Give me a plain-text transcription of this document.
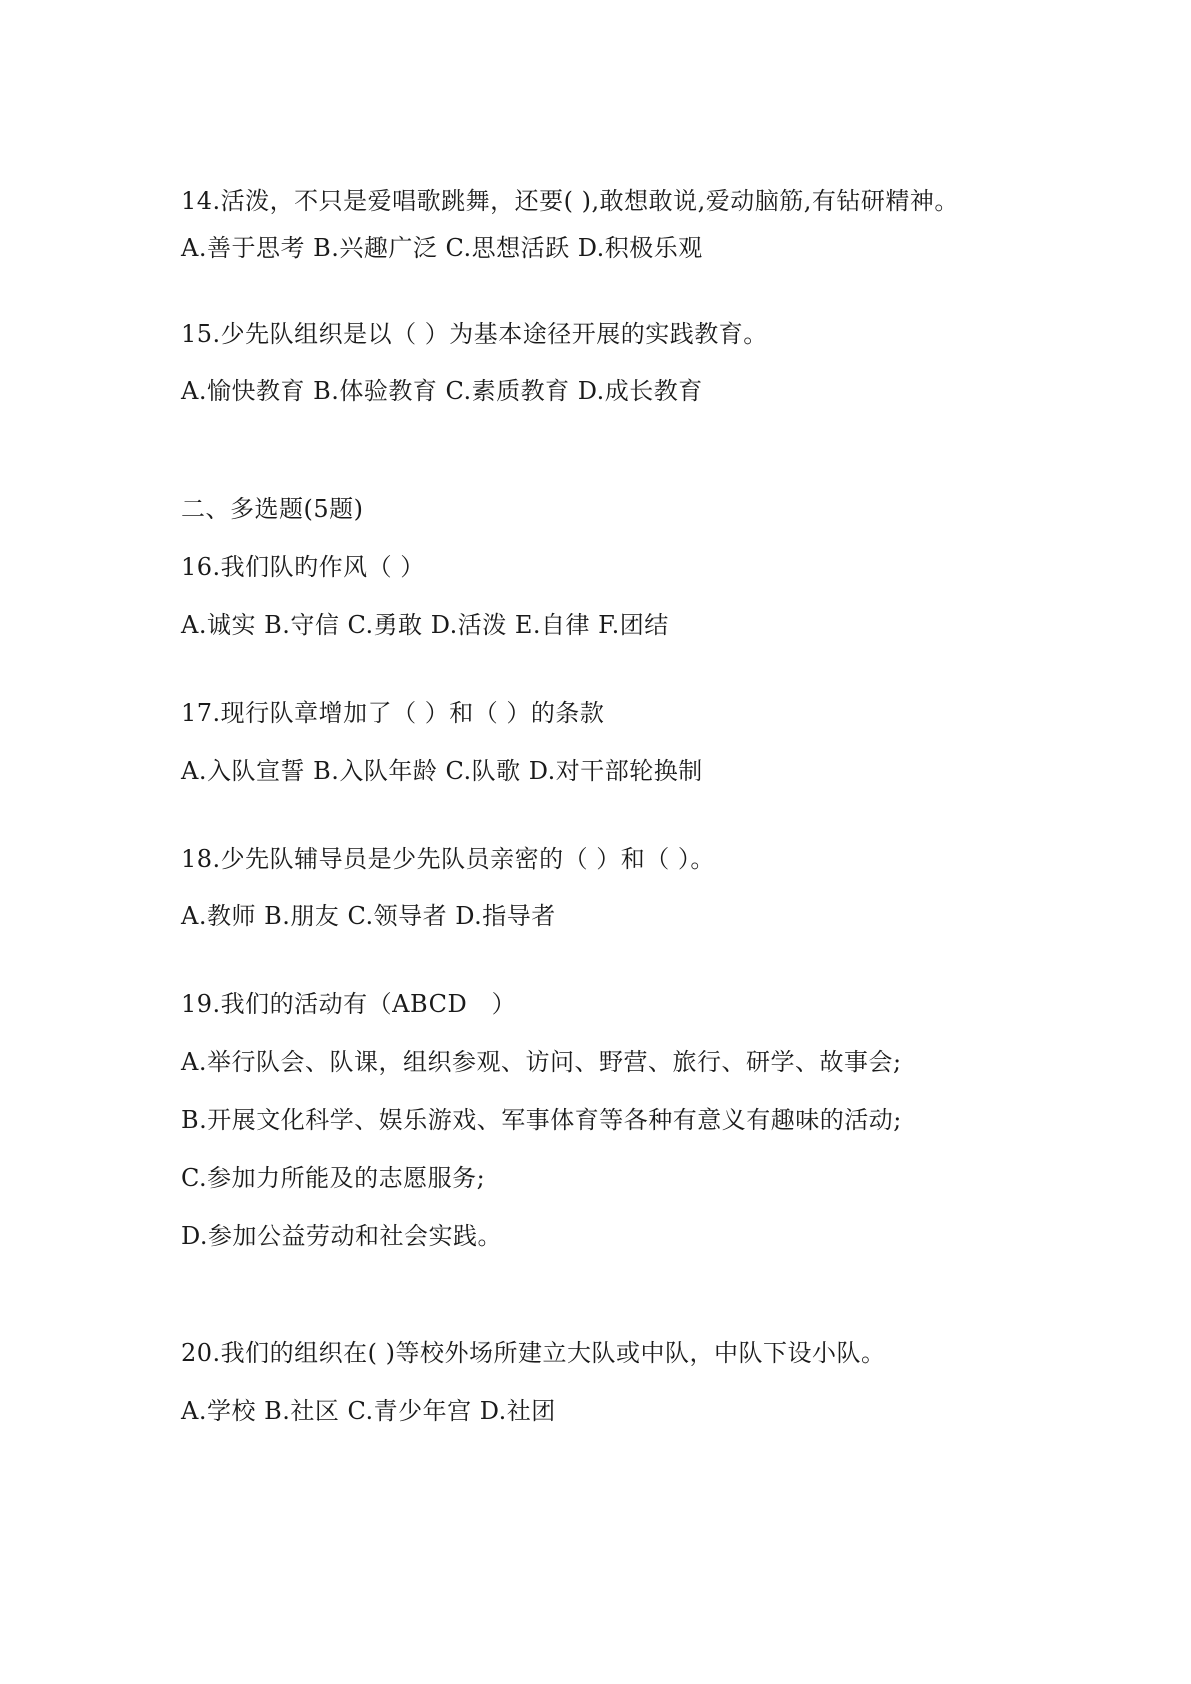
14.活泼，不只是爱唱歌跳舞，还要( ),敢想敢说,爱动脑筋,有钻研精神。
A.善于思考 B.兴趣广泛 C.思想活跃 D.积极乐观
15.少先队组织是以（ ）为基本途径开展的实践教育。
A.愉快教育 B.体验教育 C.素质教育 D.成长教育
二、多选题(5题)
16.我们队旳作风（ ）
A.诚实 B.守信 C.勇敢 D.活泼 E.自律 F.团结
17.现行队章增加了（ ）和（ ）的条款
A.入队宣誓 B.入队年龄 C.队歌 D.对干部轮换制
18.少先队辅导员是少先队员亲密的（ ）和（ ）。
A.教师 B.朋友 C.领导者 D.指导者
19.我们的活动有（ABCD　）
A.举行队会、队课，组织参观、访问、野营、旅行、研学、故事会;
B.开展文化科学、娱乐游戏、军事体育等各种有意义有趣味的活动;
C.参加力所能及的志愿服务;
D.参加公益劳动和社会实践。
20.我们的组织在( )等校外场所建立大队或中队，中队下设小队。
A.学校 B.社区 C.青少年宫 D.社团
